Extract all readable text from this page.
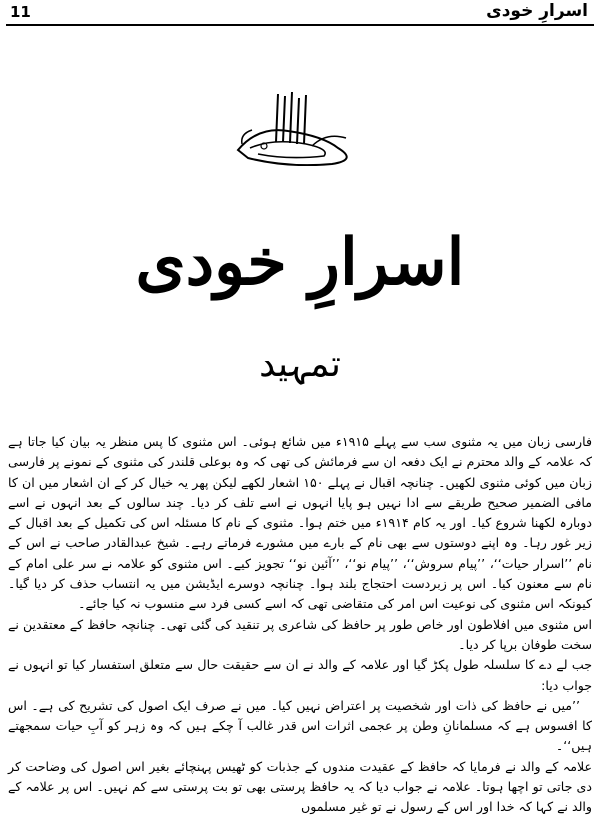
11	اسرارِ خودی
اسرارِ خودی
تمہید

فارسی زبان میں یہ مثنوی سب سے پہلے ۱۹۱۵ء میں شائع ہوئی۔ اس مثنوی کا پس منظر یہ بیان کیا جاتا ہے کہ علامہ کے والد محترم نے ایک دفعہ ان سے فرمائش کی تھی کہ وہ بوعلی قلندر کی مثنوی کے نمونے پر فارسی زبان میں کوئی مثنوی لکھیں۔ چنانچہ اقبال نے پہلے ۱۵۰ اشعار لکھے لیکن پھر یہ خیال کر کے ان اشعار میں ان کا مافی الضمیر صحیح طریقے سے ادا نہیں ہو پایا انہوں نے اسے تلف کر دیا۔ چند سالوں کے بعد انہوں نے اسے دوبارہ لکھنا شروع کیا۔ اور یہ کام ۱۹۱۴ء میں ختم ہوا۔ مثنوی کے نام کا مسئلہ اس کی تکمیل کے بعد اقبال کے زیر غور رہا۔ وہ اپنے دوستوں سے بھی نام کے بارے میں مشورے فرماتے رہے۔ شیخ عبدالقادر صاحب نے اس کے نام ’’اسرار حیات‘‘، ’’پیام سروش‘‘، ’’پیام نو‘‘، ’’آئین نو‘‘ تجویز کیے۔ اس مثنوی کو علامہ نے سر علی امام کے نام سے معنون کیا۔ اس پر زبردست احتجاج بلند ہوا۔ چنانچہ دوسرے ایڈیشن میں یہ انتساب حذف کر دیا گیا۔ کیونکہ اس مثنوی کی نوعیت اس امر کی متقاضی تھی کہ اسے کسی فرد سے منسوب نہ کیا جائے۔

اس مثنوی میں افلاطون اور خاص طور پر حافظ کی شاعری پر تنقید کی گئی تھی۔ چنانچہ حافظ کے معتقدین نے سخت طوفان برپا کر دیا۔

جب لے دے کا سلسلہ طول پکڑ گیا اور علامہ کے والد نے ان سے حقیقت حال سے متعلق استفسار کیا تو انہوں نے جواب دیا:

’’میں نے حافظ کی ذات اور شخصیت پر اعتراض نہیں کیا۔ میں نے صرف ایک اصول کی تشریح کی ہے۔ اس کا افسوس ہے کہ مسلمانانِ وطن پر عجمی اثرات اس قدر غالب آ چکے ہیں کہ وہ زہر کو آبِ حیات سمجھتے ہیں‘‘۔

علامہ کے والد نے فرمایا کہ حافظ کے عقیدت مندوں کے جذبات کو ٹھیس پہنچائے بغیر اس اصول کی وضاحت کر دی جاتی تو اچھا ہوتا۔ علامہ نے جواب دیا کہ یہ حافظ پرستی بھی تو بت پرستی سے کم نہیں۔ اس پر علامہ کے والد نے کہا کہ خدا اور اس کے رسول نے تو غیر مسلموں
